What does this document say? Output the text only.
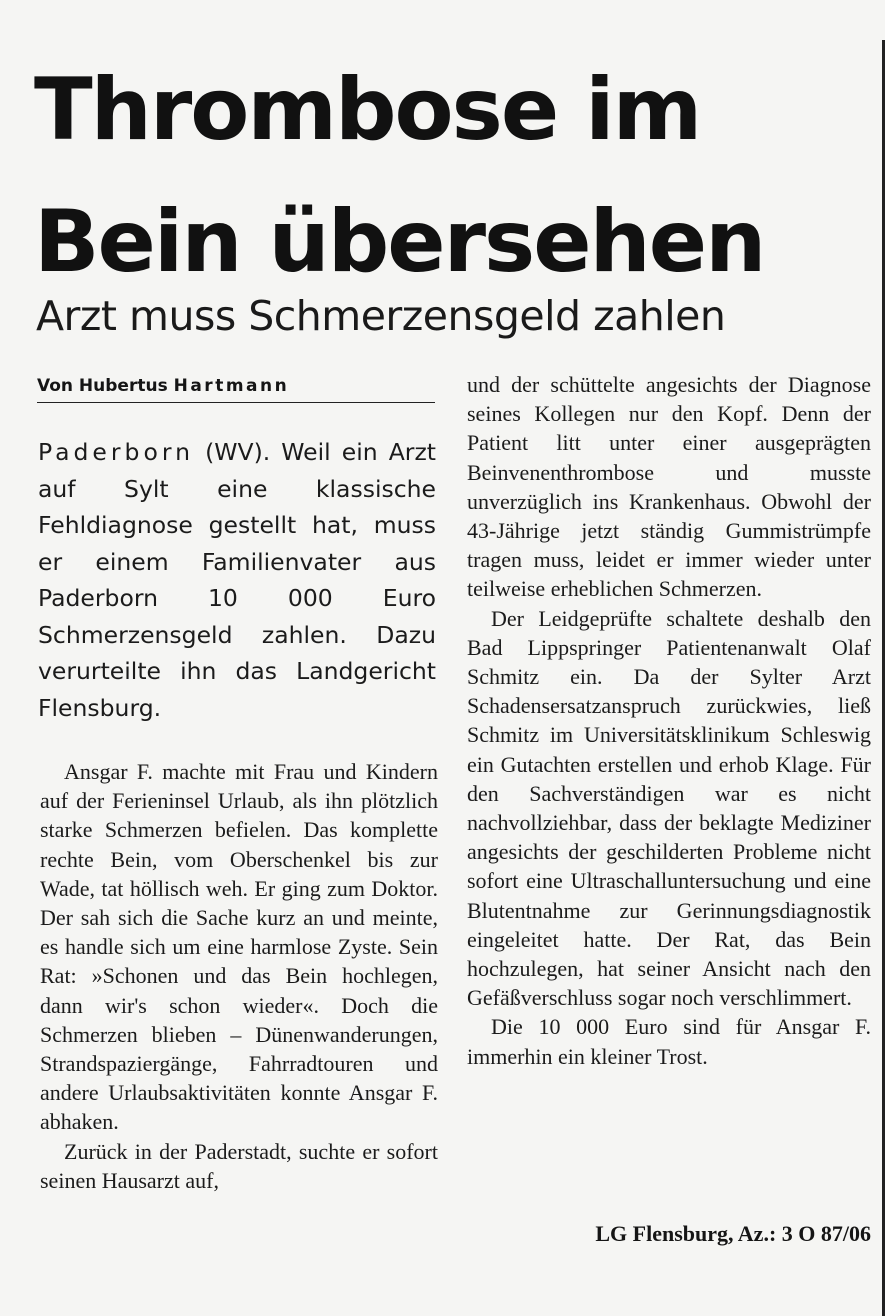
Thrombose im Bein übersehen
Arzt muss Schmerzensgeld zahlen
Von Hubertus Hartmann

Paderborn (WV). Weil ein Arzt auf Sylt eine klassische Fehldiagnose gestellt hat, muss er einem Familienvater aus Paderborn 10 000 Euro Schmerzensgeld zahlen. Dazu verurteilte ihn das Landgericht Flensburg.

Ansgar F. machte mit Frau und Kindern auf der Ferieninsel Urlaub, als ihn plötzlich starke Schmerzen befielen. Das komplette rechte Bein, vom Oberschenkel bis zur Wade, tat höllisch weh. Er ging zum Doktor. Der sah sich die Sache kurz an und meinte, es handle sich um eine harmlose Zyste. Sein Rat: »Schonen und das Bein hochlegen, dann wir's schon wieder«. Doch die Schmerzen blieben – Dünenwanderungen, Strandspaziergänge, Fahrradtouren und andere Urlaubsaktivitäten konnte Ansgar F. abhaken.

Zurück in der Paderstadt, suchte er sofort seinen Hausarzt auf,

und der schüttelte angesichts der Diagnose seines Kollegen nur den Kopf. Denn der Patient litt unter einer ausgeprägten Beinvenenthrombose und musste unverzüglich ins Krankenhaus. Obwohl der 43-Jährige jetzt ständig Gummistrümpfe tragen muss, leidet er immer wieder unter teilweise erheblichen Schmerzen.

Der Leidgeprüfte schaltete deshalb den Bad Lippspringer Patientenanwalt Olaf Schmitz ein. Da der Sylter Arzt Schadensersatzanspruch zurückwies, ließ Schmitz im Universitätsklinikum Schleswig ein Gutachten erstellen und erhob Klage. Für den Sachverständigen war es nicht nachvollziehbar, dass der beklagte Mediziner angesichts der geschilderten Probleme nicht sofort eine Ultraschalluntersuchung und eine Blutentnahme zur Gerinnungsdiagnostik eingeleitet hatte. Der Rat, das Bein hochzulegen, hat seiner Ansicht nach den Gefäßverschluss sogar noch verschlimmert.

Die 10 000 Euro sind für Ansgar F. immerhin ein kleiner Trost.

LG Flensburg, Az.: 3 O 87/06
